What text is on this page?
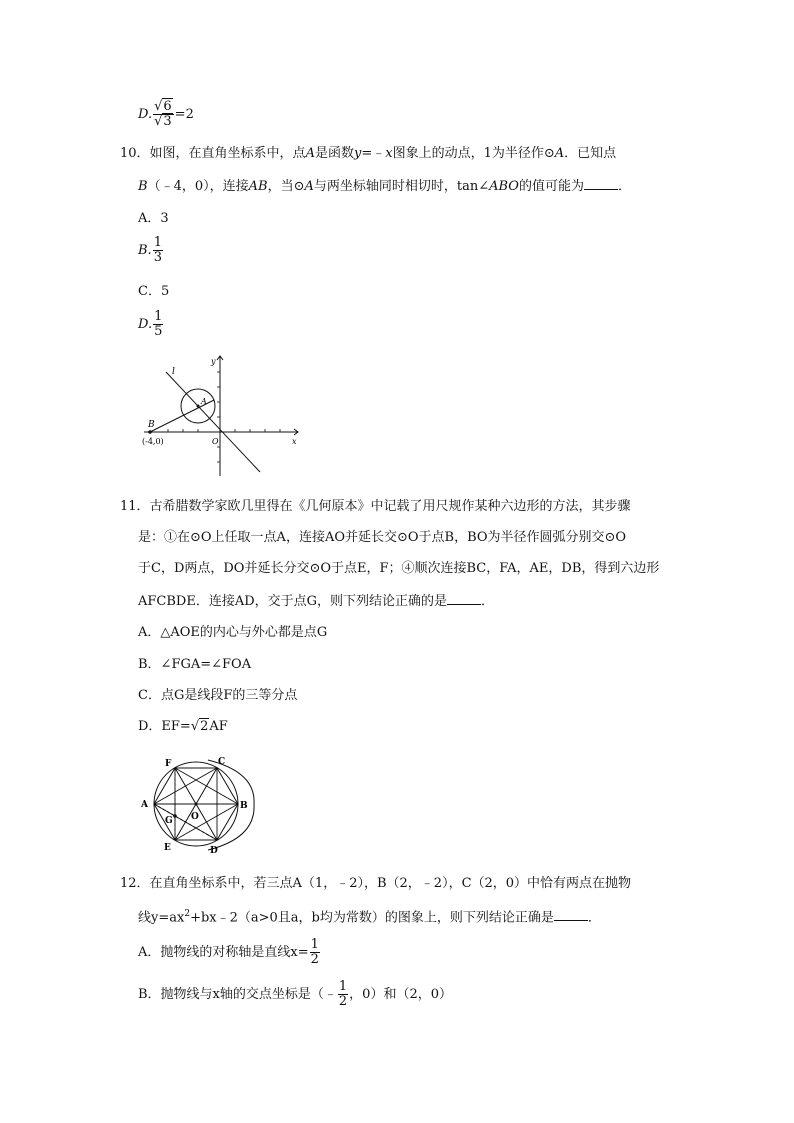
D. $\frac{√6}{√3} =2$
10．如图，在直角坐标系中，点A是函数y=﹣x图象上的动点，1为半径作⊙A．已知点
B（﹣4，0），连接AB，当⊙A与两坐标轴同时相切时，tan∠ABO的值可能为	．
A．3
B. $\frac{1}{3}$
C．5
D. $\frac{1}{5}$
l
y
A
B
(-4,0)	O	x
11．古希腊数学家欧几里得在《几何原本》中记载了用尺规作某种六边形的方法，其步骤
是：①在⊙O上任取一点A，连接AO并延长交⊙O于点B，BO为半径作圆弧分别交⊙O
于C，D两点，DO并延长分交⊙O于点E，F；④顺次连接BC，FA，AE，DB，得到六边形
AFCBDE．连接AD，交于点G，则下列结论正确的是	．
A．△AOE的内心与外心都是点G
B．∠FGA=∠FOA
C．点G是线段F的三等分点
D．EF=√2AF
F	C
A	B
G O
E	D
12．在直角坐标系中，若三点A（1，﹣2），B（2，﹣2），C（2，0）中恰有两点在抛物
线$y=ax^2+bx﹣2(a>0$且a，b均为常数）的图象上，则下列结论正确是	．
A．抛物线的对称轴是直线$x= \frac{1}{2}$
B．抛物线与x轴的交点坐标是（﹣ $\frac{1}{2}$ ，0）和（2，0）
